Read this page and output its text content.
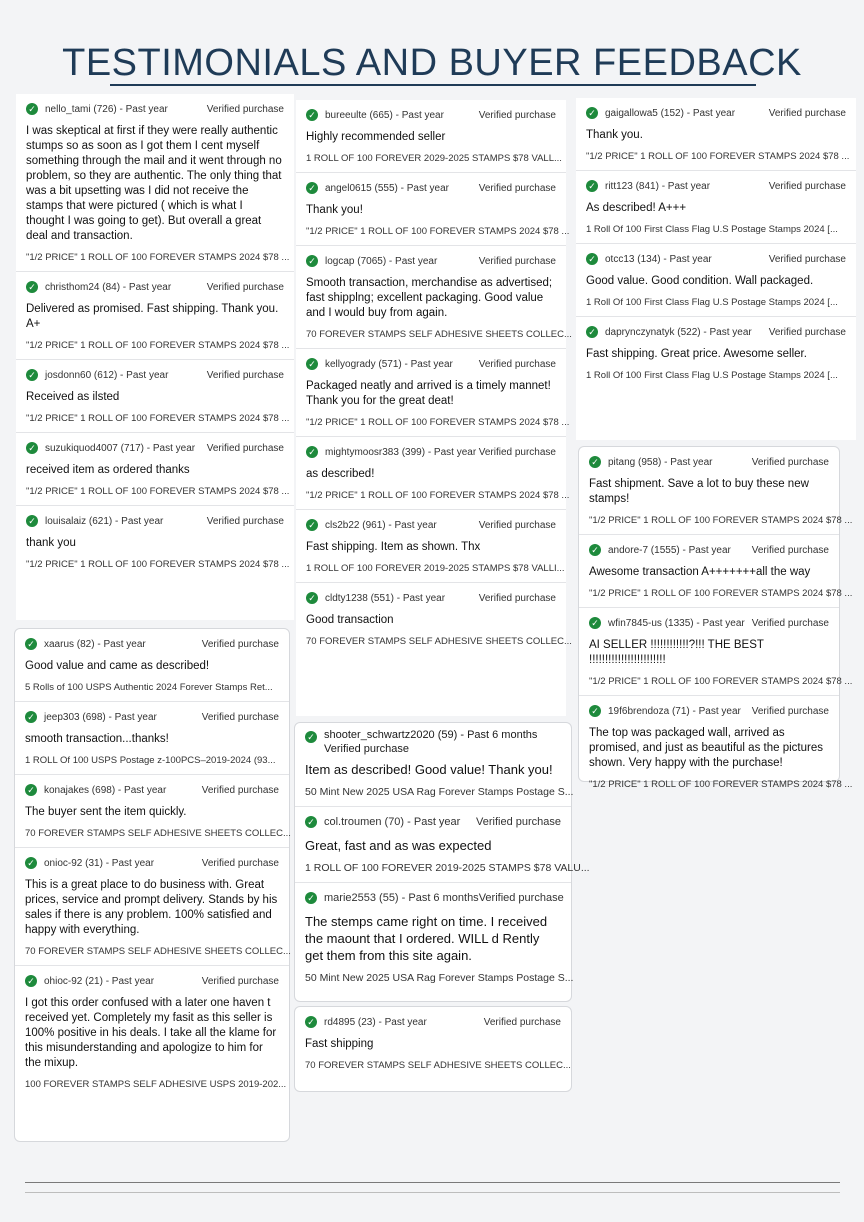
TESTIMONIALS AND BUYER FEEDBACK
✓ nello_tami (726) - Past year	Verified purchase
I was skeptical at first if they were really authentic stumps so as soon as I got them I cent myself something through the mail and it went through no problem, so they are authentic. The only thing that was a bit upsetting was I did not receive the stamps that were pictured ( which is what I thought I was going to get). But overall a great deal and transaction.
"1/2 PRICE" 1 ROLL OF 100 FOREVER STAMPS 2024 $78 ...
✓ christhom24 (84) - Past year	Verified purchase
Delivered as promised. Fast shipping. Thank you. A+
"1/2 PRICE" 1 ROLL OF 100 FOREVER STAMPS 2024 $78 ...
✓ josdonn60 (612) - Past year	Verified purchase
Received as ilsted
"1/2 PRICE" 1 ROLL OF 100 FOREVER STAMPS 2024 $78 ...
✓ suzukiquod4007 (717) - Past year Verified purchase
received item as ordered thanks
"1/2 PRICE" 1 ROLL OF 100 FOREVER STAMPS 2024 $78 ...
✓ louisalaiz (621) - Past year	Verified purchase
thank you
"1/2 PRICE" 1 ROLL OF 100 FOREVER STAMPS 2024 $78 ...
✓ xaarus (82) - Past year	Verified purchase
Good value and came as described!
5 Rolls of 100 USPS Authentic 2024 Forever Stamps Ret...
✓ jeep303 (698) - Past year	Verified purchase
smooth transaction...thanks!
1 ROLL Of 100 USPS Postage z-100PCS–2019-2024 (93...
✓ konajakes (698) - Past year	Verified purchase
The buyer sent the item quickly.
70 FOREVER STAMPS SELF ADHESIVE SHEETS COLLEC...
✓ onioc-92 (31) - Past year	Verified purchase
This is a great place to do business with. Great prices, service and prompt delivery. Stands by his sales if there is any problem. 100% satisfied and happy with everything.
70 FOREVER STAMPS SELF ADHESIVE SHEETS COLLEC...
✓ ohioc-92 (21) - Past year	Verified purchase
I got this order confused with a later one haven t received yet. Completely my fasit as this seller is 100% positive in his deals. I take all the klame for this misunderstanding and apologize to him for the mixup.
100 FOREVER STAMPS SELF ADHESIVE USPS 2019-202...
✓ bureeulte (665) - Past year	Verified purchase
Highly recommended seller
1 ROLL OF 100 FOREVER 2029-2025 STAMPS $78 VALL...
✓ angel0615 (555) - Past year	Verified purchase
Thank you!
"1/2 PRICE" 1 ROLL OF 100 FOREVER STAMPS 2024 $78 ...
✓ logcap (7065) - Past year	Verified purchase
Smooth transaction, merchandise as advertised; fast shipplng; excellent packaging. Good value and I would buy from again.
70 FOREVER STAMPS SELF ADHESIVE SHEETS COLLEC...
✓ kellyogrady (571) - Past year	Verified purchase
Packaged neatly and arrived is a timely mannet! Thank you for the great deat!
"1/2 PRICE" 1 ROLL OF 100 FOREVER STAMPS 2024 $78 ...
✓ mightymoosr383 (399) - Past year Verified purchase
as described!
"1/2 PRICE" 1 ROLL OF 100 FOREVER STAMPS 2024 $78 ...
✓ cls2b22 (961) - Past year	Verified purchase
Fast shipping. Item as shown. Thx
1 ROLL OF 100 FOREVER 2019-2025 STAMPS $78 VALLI...
✓ cldty1238 (551) - Past year	Verified purchase
Good transaction
70 FOREVER STAMPS SELF ADHESIVE SHEETS COLLEC...
✓ shooter_schwartz2020 (59) - Past 6 months
Verified purchase
Item as described! Good value! Thank you!
50 Mint New 2025 USA Rag Forever Stamps Postage S...
✓ col.troumen (70) - Past year Verified purchase
Great, fast and as was expected
1 ROLL OF 100 FOREVER 2019-2025 STAMPS $78 VALU...
✓ marie2553 (55) - Past 6 months Verified purchase
The stemps came right on time. I received the maount that I ordered. WILL d Rently get them from this site again.
50 Mint New 2025 USA Rag Forever Stamps Postage S...
✓ rd4895 (23) - Past year	Verified purchase
Fast shipping
70 FOREVER STAMPS SELF ADHESIVE SHEETS COLLEC...
✓ gaigallowa5 (152) - Past year	Verified purchase
Thank you.
"1/2 PRICE" 1 ROLL OF 100 FOREVER STAMPS 2024 $78 ...
✓ ritt123 (841) - Past year	Verified purchase
As described! A+++
1 Roll Of 100 First Class Flag U.S Postage Stamps 2024 [...
✓ otcc13 (134) - Past year	Verified purchase
Good value. Good condition. Wall packaged.
1 Roll Of 100 First Class Flag U.S Postage Stamps 2024 [...
✓ daprynczynatyk (522) - Past year Verified purchase
Fast shipping. Great price. Awesome seller.
1 Roll Of 100 First Class Flag U.S Postage Stamps 2024 [...
✓ pitang (958) - Past year	Verified purchase
Fast shipment. Save a lot to buy these new stamps!
"1/2 PRICE" 1 ROLL OF 100 FOREVER STAMPS 2024 $78 ...
✓ andore-7 (1555) - Past year Verified purchase
Awesome transaction A+++++++all the way
"1/2 PRICE" 1 ROLL OF 100 FOREVER STAMPS 2024 $78 ...
✓ wfin7845-us (1335) - Past year Verified purchase
AI SELLER !!!!!!!!!!!!?!!! THE BEST !!!!!!!!!!!!!!!!!!!!!!!!
"1/2 PRICE" 1 ROLL OF 100 FOREVER STAMPS 2024 $78 ...
✓ 19f6brendoza (71) - Past year Verified purchase
The top was packaged wall, arrived as promised, and just as beautiful as the pictures shown. Very happy with the purchase!
"1/2 PRICE" 1 ROLL OF 100 FOREVER STAMPS 2024 $78 ...
